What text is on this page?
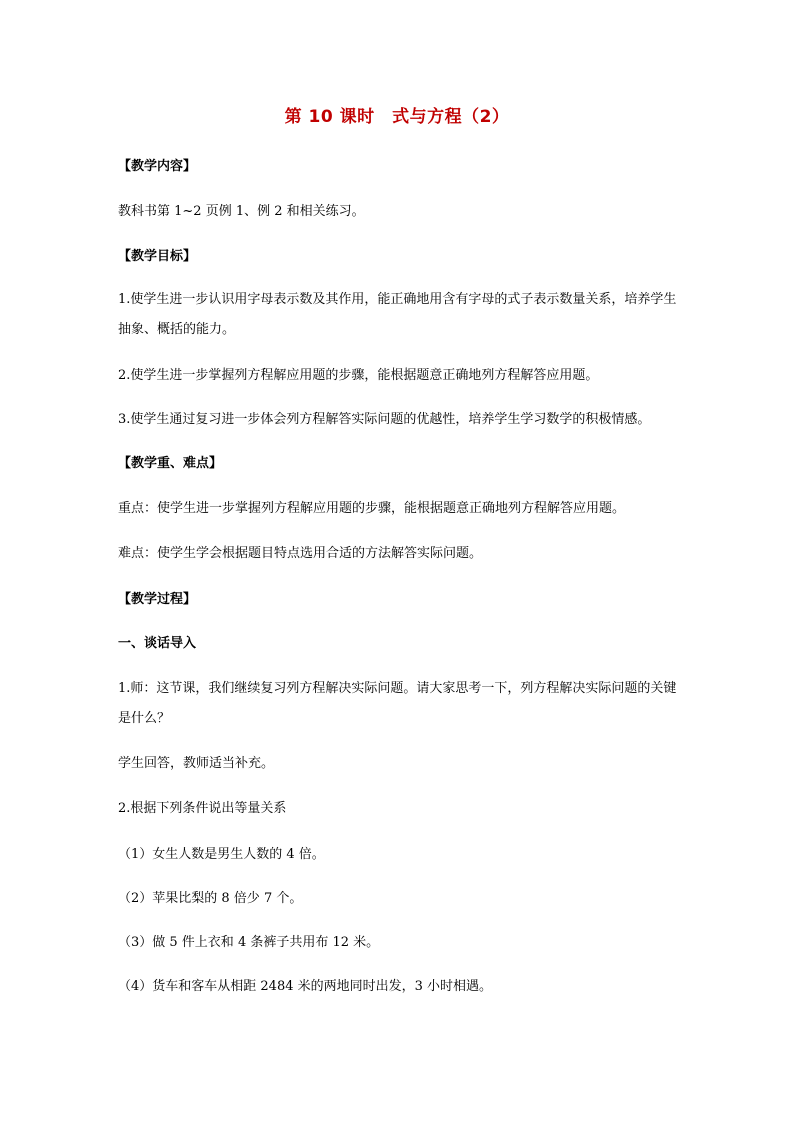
第 10 课时　式与方程（2）
【教学内容】
教科书第 1~2 页例 1、例 2 和相关练习。
【教学目标】
1.使学生进一步认识用字母表示数及其作用，能正确地用含有字母的式子表示数量关系，培养学生抽象、概括的能力。
2.使学生进一步掌握列方程解应用题的步骤，能根据题意正确地列方程解答应用题。
3.使学生通过复习进一步体会列方程解答实际问题的优越性，培养学生学习数学的积极情感。
【教学重、难点】
重点：使学生进一步掌握列方程解应用题的步骤，能根据题意正确地列方程解答应用题。
难点：使学生学会根据题目特点选用合适的方法解答实际问题。
【教学过程】
一、谈话导入
1.师：这节课，我们继续复习列方程解决实际问题。请大家思考一下，列方程解决实际问题的关键是什么？
学生回答，教师适当补充。
2.根据下列条件说出等量关系
（1）女生人数是男生人数的 4 倍。
（2）苹果比梨的 8 倍少 7 个。
（3）做 5 件上衣和 4 条裤子共用布 12 米。
（4）货车和客车从相距 2484 米的两地同时出发，3 小时相遇。
